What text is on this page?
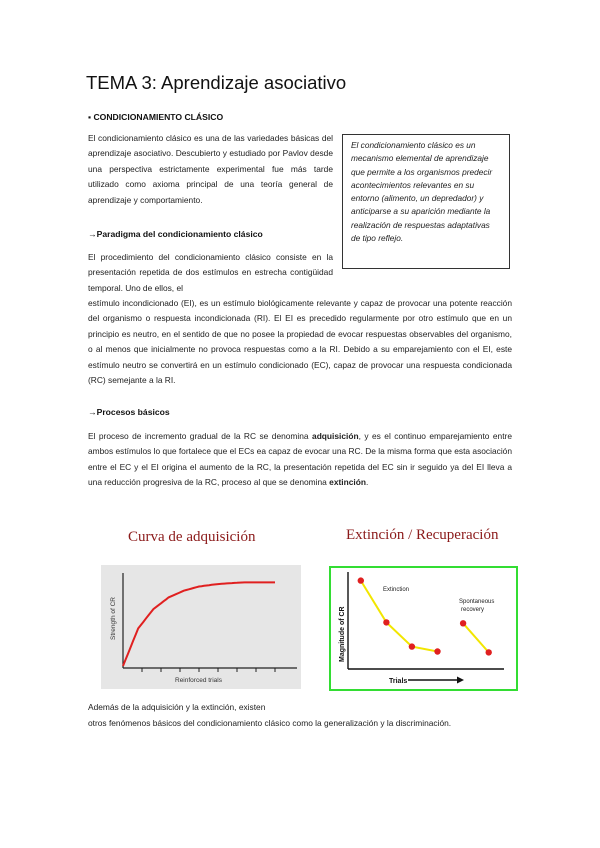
TEMA 3: Aprendizaje asociativo
▪ CONDICIONAMIENTO CLÁSICO
El condicionamiento clásico es una de las variedades básicas del aprendizaje asociativo. Descubierto y estudiado por Pavlov desde una perspectiva estrictamente experimental fue más tarde utilizado como axioma principal de una teoría general de aprendizaje y comportamiento.
El condicionamiento clásico es un mecanismo elemental de aprendizaje que permite a los organismos predecir acontecimientos relevantes en su entorno (alimento, un depredador) y anticiparse a su aparición mediante la realización de respuestas adaptativas de tipo reflejo.
→Paradigma del condicionamiento clásico
El procedimiento del condicionamiento clásico consiste en la presentación repetida de dos estímulos en estrecha contigüidad temporal. Uno de ellos, el
estímulo incondicionado (EI), es un estímulo biológicamente relevante y capaz de provocar una potente reacción del organismo o respuesta incondicionada (RI). El EI es precedido regularmente por otro estímulo que en un principio es neutro, en el sentido de que no posee la propiedad de evocar respuestas observables del organismo, o al menos que inicialmente no provoca respuestas como a la RI. Debido a su emparejamiento con el EI, este estímulo neutro se convertirá en un estímulo condicionado (EC), capaz de provocar una respuesta condicionada (RC) semejante a la RI.
→Procesos básicos
El proceso de incremento gradual de la RC se denomina adquisición, y es el continuo emparejamiento entre ambos estímulos lo que fortalece que el ECs ea capaz de evocar una RC. De la misma forma que esta asociación entre el EC y el EI origina el aumento de la RC, la presentación repetida del EC sin ir seguido ya del EI lleva a una reducción progresiva de la RC, proceso al que se denomina extinción.
Curva de adquisición
Reinforced trials
Strength of CR
Extinción / Recuperación
Extinction
Spontaneous
recovery
Trials
Magnitude of CR
Además de la adquisición y la extinción, existen
otros fenómenos básicos del condicionamiento clásico como la generalización y la discriminación.
